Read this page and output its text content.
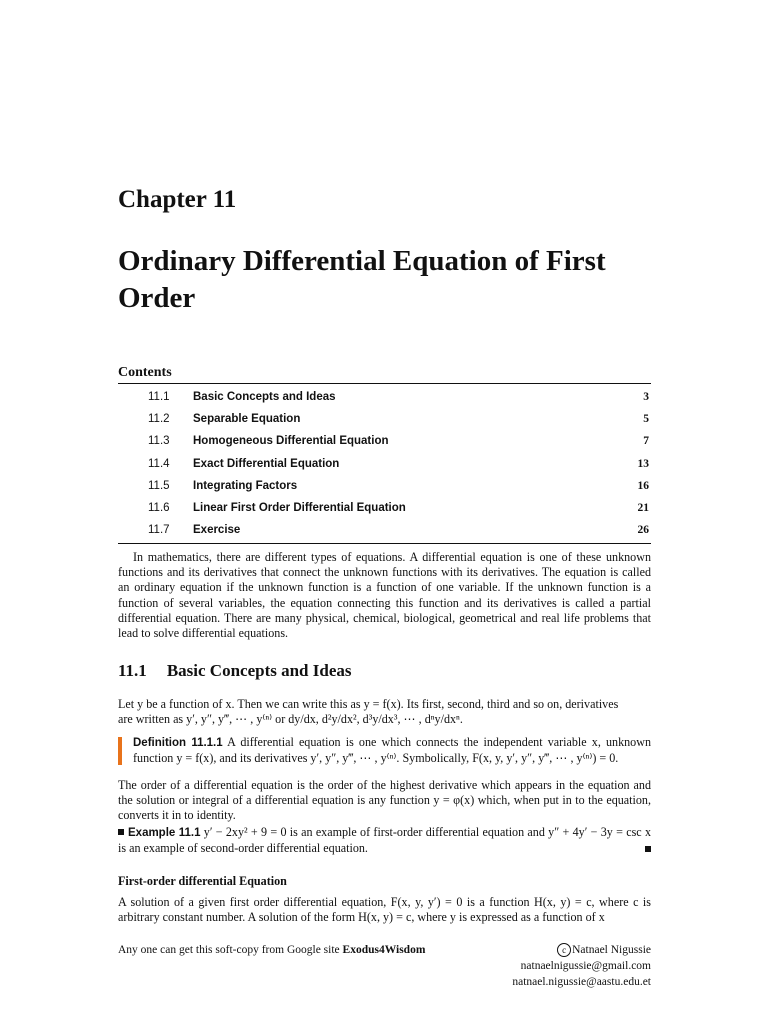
Chapter 11
Ordinary Differential Equation of First Order
Contents
11.1 Basic Concepts and Ideas	3
11.2 Separable Equation	5
11.3 Homogeneous Differential Equation	7
11.4 Exact Differential Equation	13
11.5 Integrating Factors	16
11.6 Linear First Order Differential Equation	21
11.7 Exercise	26
In mathematics, there are different types of equations. A differential equation is one of these unknown functions and its derivatives that connect the unknown functions with its derivatives. The equation is called an ordinary equation if the unknown function is a function of one variable. If the unknown function is a function of several variables, the equation connecting this function and its derivatives is called a partial differential equation. There are many physical, chemical, biological, geometrical and real life problems that lead to solve differential equations.
11.1 Basic Concepts and Ideas
Let y be a function of x. Then we can write this as y = f(x). Its first, second, third and so on, derivatives
are written as y′, y″, y‴, ⋯ , y⁽ⁿ⁾ or dy/dx, d²y/dx², d³y/dx³, ⋯ , dⁿy/dxⁿ.
Definition 11.1.1 A differential equation is one which connects the independent variable x, unknown function y = f(x), and its derivatives y′, y″, y‴, ⋯ , y⁽ⁿ⁾. Symbolically, F(x, y, y′, y″, y‴, ⋯ , y⁽ⁿ⁾) = 0.
The order of a differential equation is the order of the highest derivative which appears in the equation and the solution or integral of a differential equation is any function y = φ(x) which, when put in to the equation, converts it in to identity.
Example 11.1 y′ − 2xy² + 9 = 0 is an example of first-order differential equation and y″ + 4y′ − 3y = csc x is an example of second-order differential equation.
First-order differential Equation
A solution of a given first order differential equation, F(x, y, y′) = 0 is a function H(x, y) = c, where c is arbitrary constant number. A solution of the form H(x, y) = c, where y is expressed as a function of x
Any one can get this soft-copy from Google site Exodus4Wisdom	c Natnael Nigussie
natnaelnigussie@gmail.com
natnael.nigussie@aastu.edu.et
